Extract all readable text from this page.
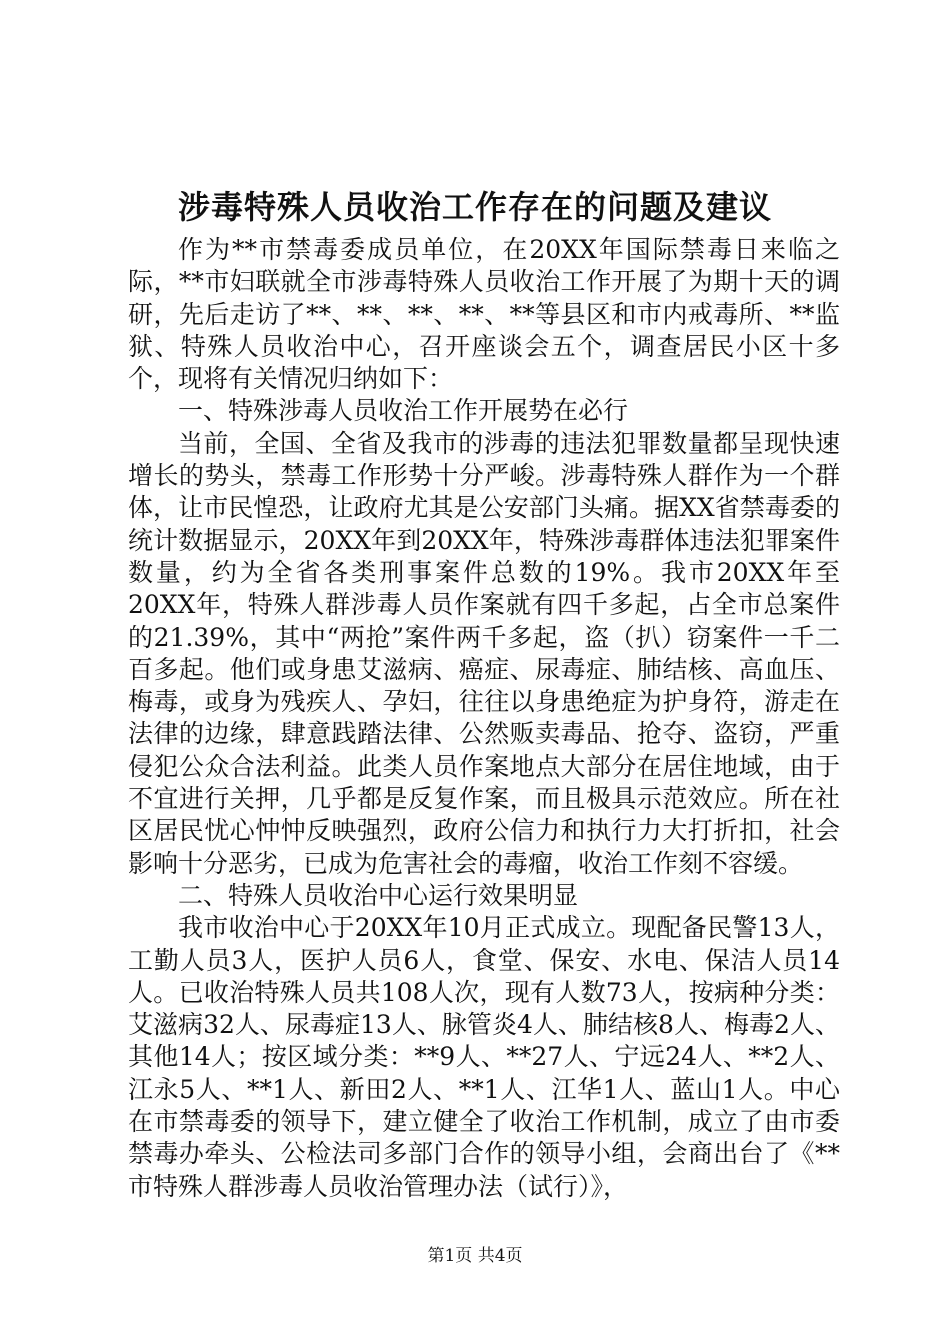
涉毒特殊人员收治工作存在的问题及建议

作为**市禁毒委成员单位，在20XX年国际禁毒日来临之际，**市妇联就全市涉毒特殊人员收治工作开展了为期十天的调研，先后走访了**、**、**、**、**等县区和市内戒毒所、**监狱、特殊人员收治中心，召开座谈会五个，调查居民小区十多个，现将有关情况归纳如下：

一、特殊涉毒人员收治工作开展势在必行

当前，全国、全省及我市的涉毒的违法犯罪数量都呈现快速增长的势头，禁毒工作形势十分严峻。涉毒特殊人群作为一个群体，让市民惶恐，让政府尤其是公安部门头痛。据XX省禁毒委的统计数据显示，20XX年到20XX年，特殊涉毒群体违法犯罪案件数量，约为全省各类刑事案件总数的19%。我市20XX年至20XX年，特殊人群涉毒人员作案就有四千多起，占全市总案件的21.39%，其中“两抢”案件两千多起，盗（扒）窃案件一千二百多起。他们或身患艾滋病、癌症、尿毒症、肺结核、高血压、梅毒，或身为残疾人、孕妇，往往以身患绝症为护身符，游走在法律的边缘，肆意践踏法律、公然贩卖毒品、抢夺、盗窃，严重侵犯公众合法利益。此类人员作案地点大部分在居住地域，由于不宜进行关押，几乎都是反复作案，而且极具示范效应。所在社区居民忧心忡忡反映强烈，政府公信力和执行力大打折扣，社会影响十分恶劣，已成为危害社会的毒瘤，收治工作刻不容缓。

二、特殊人员收治中心运行效果明显

我市收治中心于20XX年10月正式成立。现配备民警13人，工勤人员3人，医护人员6人，食堂、保安、水电、保洁人员14人。已收治特殊人员共108人次，现有人数73人，按病种分类：艾滋病32人、尿毒症13人、脉管炎4人、肺结核8人、梅毒2人、其他14人；按区域分类：**9人、**27人、宁远24人、**2人、江永5人、**1人、新田2人、**1人、江华1人、蓝山1人。中心在市禁毒委的领导下，建立健全了收治工作机制，成立了由市委禁毒办牵头、公检法司多部门合作的领导小组，会商出台了《**市特殊人群涉毒人员收治管理办法（试行）》，

第1页 共4页
